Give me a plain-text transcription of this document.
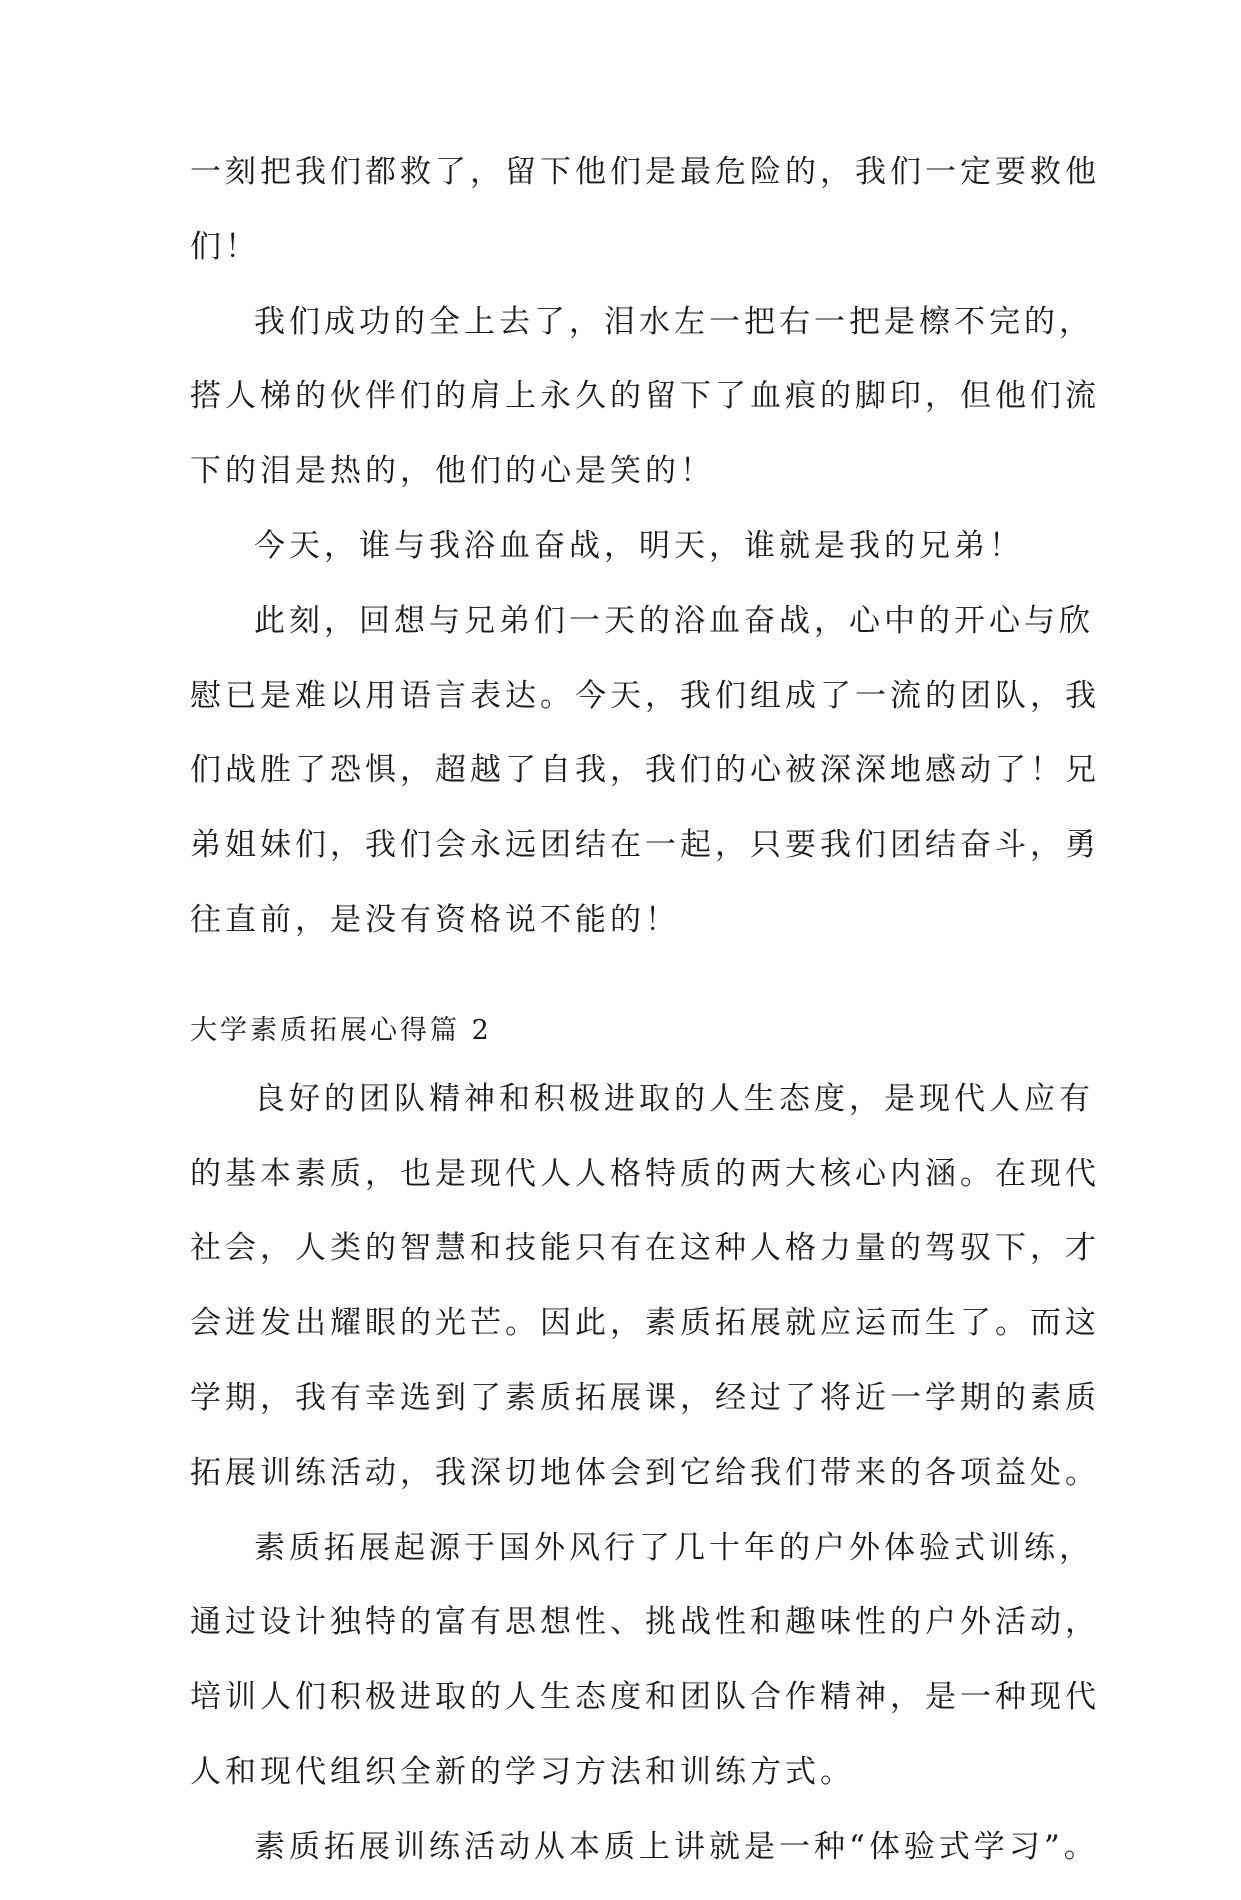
一刻把我们都救了，留下他们是最危险的，我们一定要救他
们！
我们成功的全上去了，泪水左一把右一把是檫不完的，
搭人梯的伙伴们的肩上永久的留下了血痕的脚印，但他们流
下的泪是热的，他们的心是笑的！
今天，谁与我浴血奋战，明天，谁就是我的兄弟！
此刻，回想与兄弟们一天的浴血奋战，心中的开心与欣
慰已是难以用语言表达。今天，我们组成了一流的团队，我
们战胜了恐惧，超越了自我，我们的心被深深地感动了！兄
弟姐妹们，我们会永远团结在一起，只要我们团结奋斗，勇
往直前，是没有资格说不能的！
大学素质拓展心得篇 2
良好的团队精神和积极进取的人生态度，是现代人应有
的基本素质，也是现代人人格特质的两大核心内涵。在现代
社会，人类的智慧和技能只有在这种人格力量的驾驭下，才
会迸发出耀眼的光芒。因此，素质拓展就应运而生了。而这
学期，我有幸选到了素质拓展课，经过了将近一学期的素质
拓展训练活动，我深切地体会到它给我们带来的各项益处。
素质拓展起源于国外风行了几十年的户外体验式训练，
通过设计独特的富有思想性、挑战性和趣味性的户外活动，
培训人们积极进取的人生态度和团队合作精神，是一种现代
人和现代组织全新的学习方法和训练方式。
素质拓展训练活动从本质上讲就是一种“体验式学习”。
